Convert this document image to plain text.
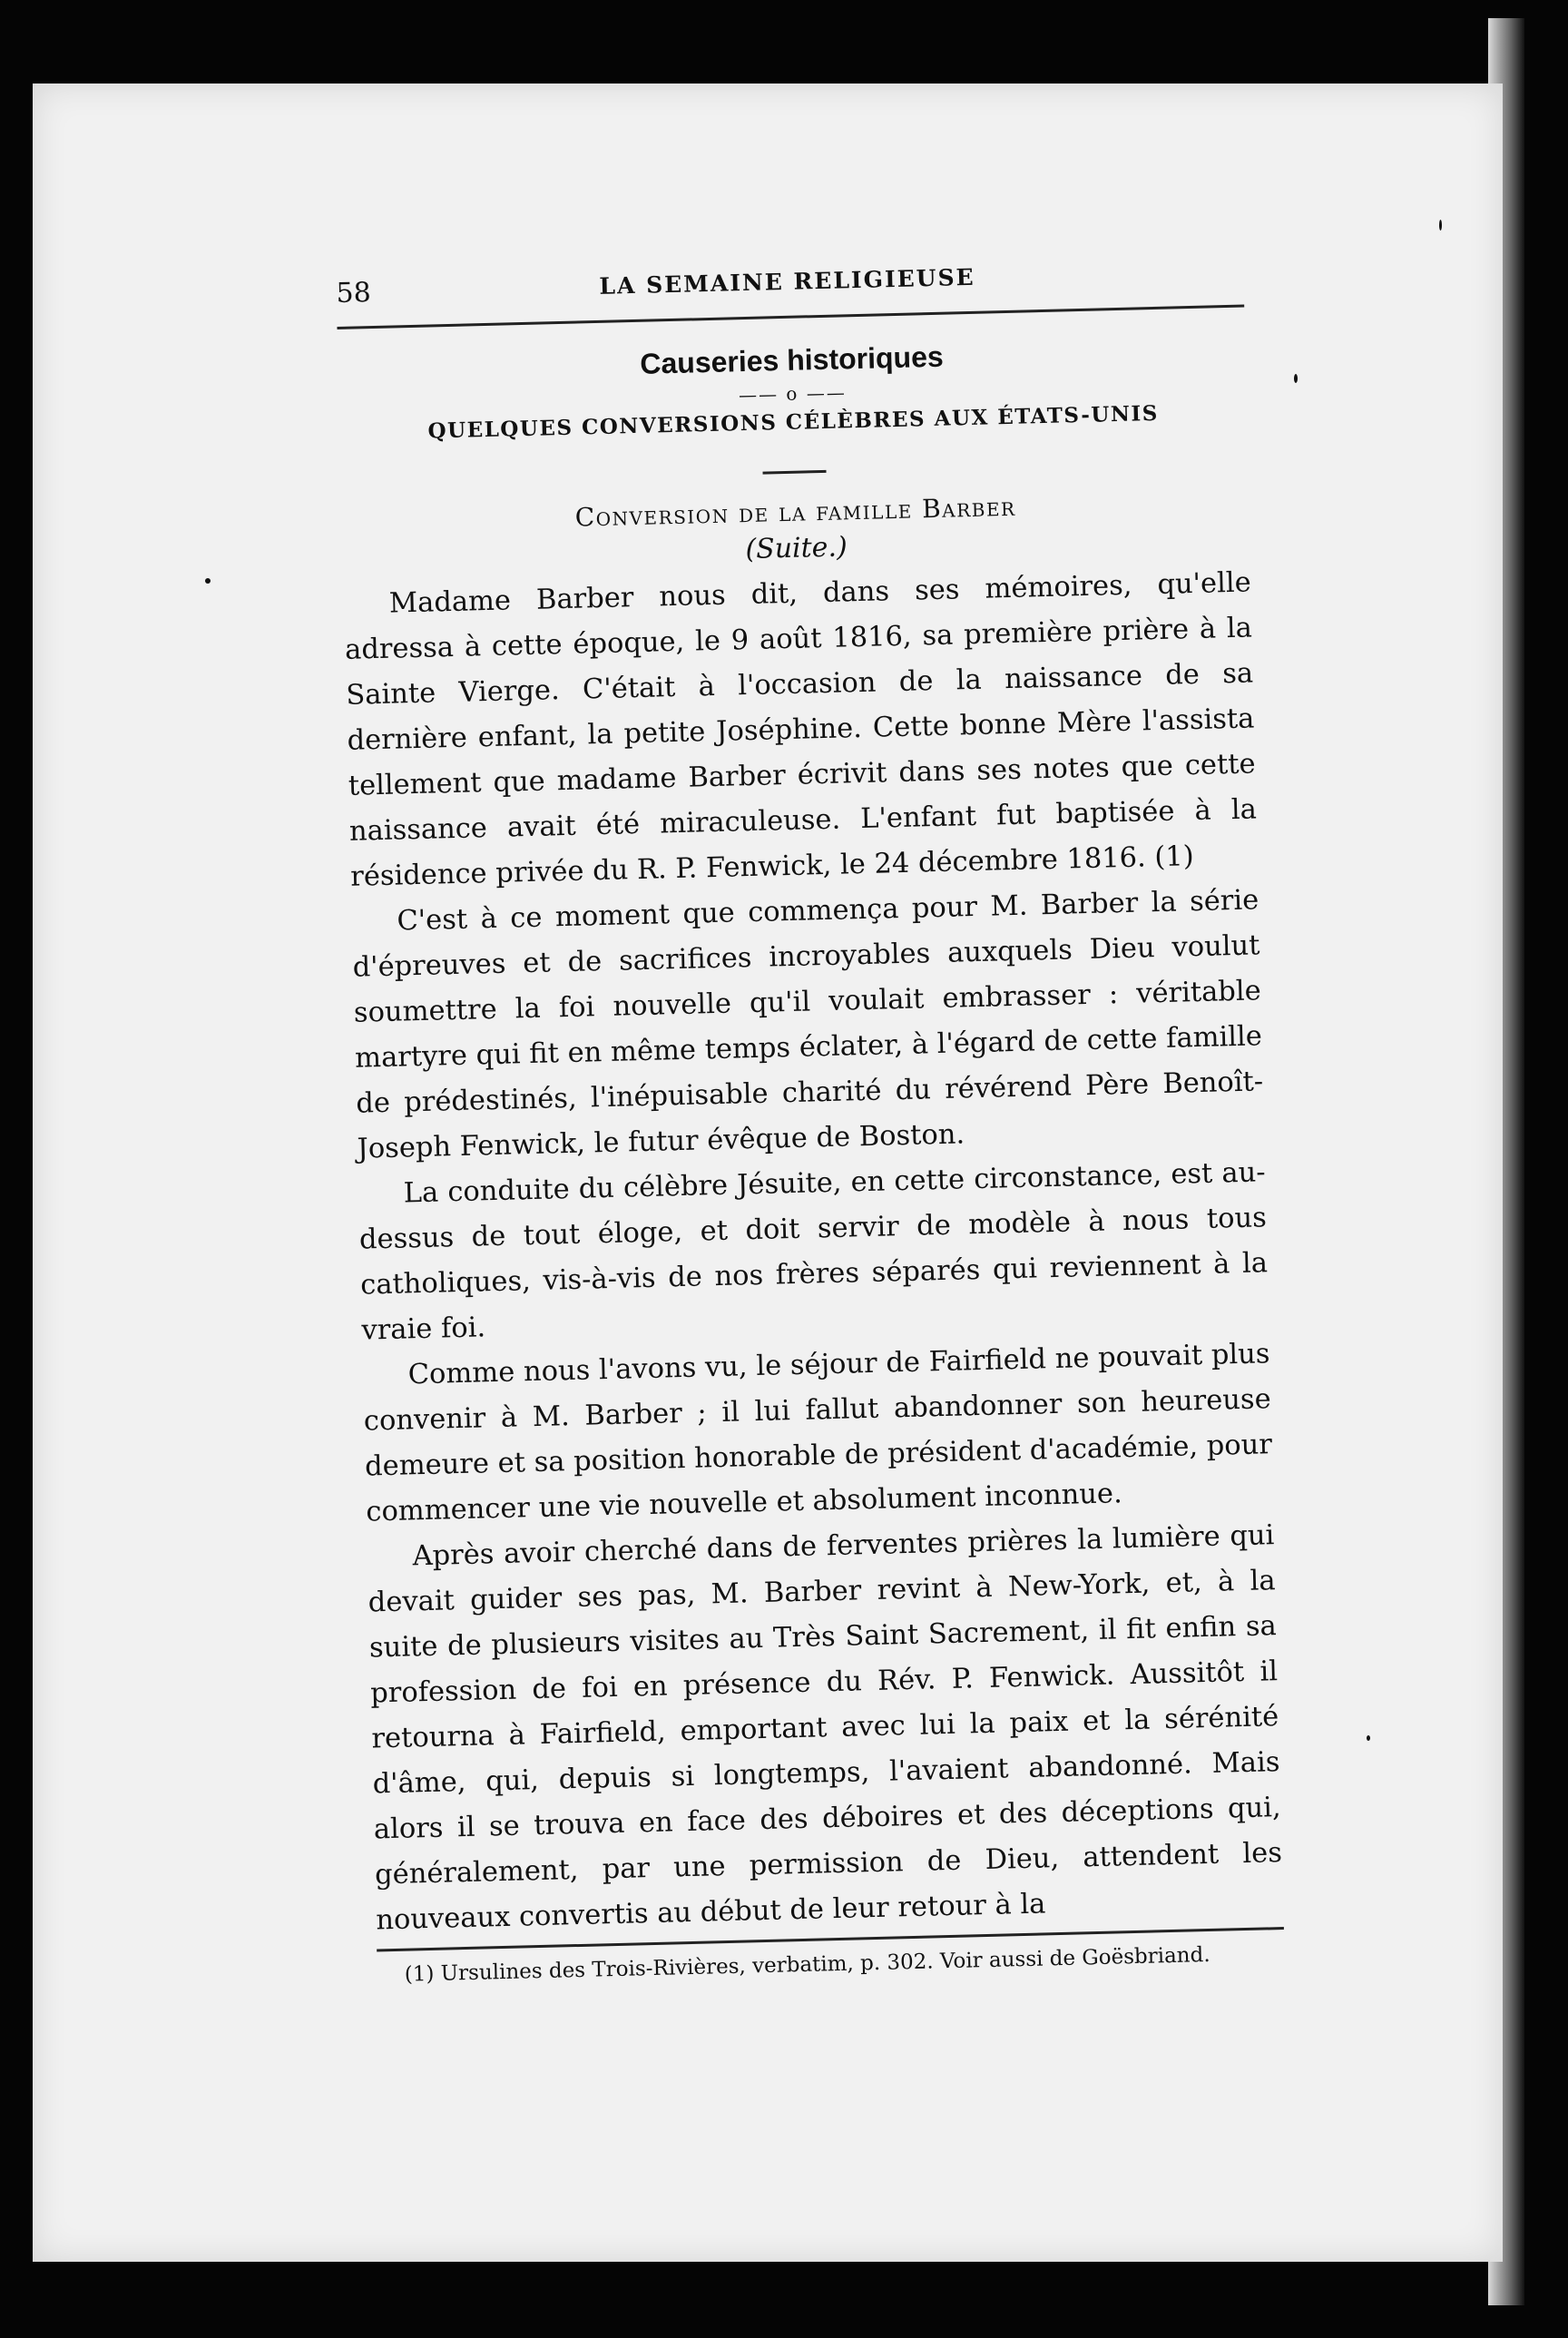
58	LA SEMAINE RELIGIEUSE
Causeries historiques
—— o ——
QUELQUES CONVERSIONS CÉLÈBRES AUX ÉTATS-UNIS
Conversion de la famille Barber
(Suite.)

Madame Barber nous dit, dans ses mémoires, qu'elle adressa à cette époque, le 9 août 1816, sa première prière à la Sainte Vierge. C'était à l'occasion de la naissance de sa dernière enfant, la petite Joséphine. Cette bonne Mère l'assista tellement que madame Barber écrivit dans ses notes que cette naissance avait été miraculeuse. L'enfant fut baptisée à la résidence privée du R. P. Fenwick, le 24 décembre 1816. (1)

C'est à ce moment que commença pour M. Barber la série d'épreuves et de sacrifices incroyables auxquels Dieu voulut soumettre la foi nouvelle qu'il voulait embrasser : véritable martyre qui fit en même temps éclater, à l'égard de cette famille de prédestinés, l'inépuisable charité du révérend Père Benoît-Joseph Fenwick, le futur évêque de Boston.

La conduite du célèbre Jésuite, en cette circonstance, est au-dessus de tout éloge, et doit servir de modèle à nous tous catholiques, vis-à-vis de nos frères séparés qui reviennent à la vraie foi.

Comme nous l'avons vu, le séjour de Fairfield ne pouvait plus convenir à M. Barber ; il lui fallut abandonner son heureuse demeure et sa position honorable de président d'académie, pour commencer une vie nouvelle et absolument inconnue.

Après avoir cherché dans de ferventes prières la lumière qui devait guider ses pas, M. Barber revint à New-York, et, à la suite de plusieurs visites au Très Saint Sacrement, il fit enfin sa profession de foi en présence du Rév. P. Fenwick. Aussitôt il retourna à Fairfield, emportant avec lui la paix et la sérénité d'âme, qui, depuis si longtemps, l'avaient abandonné. Mais alors il se trouva en face des déboires et des déceptions qui, généralement, par une permission de Dieu, attendent les nouveaux convertis au début de leur retour à la

(1) Ursulines des Trois-Rivières, verbatim, p. 302. Voir aussi de Goësbriand.
